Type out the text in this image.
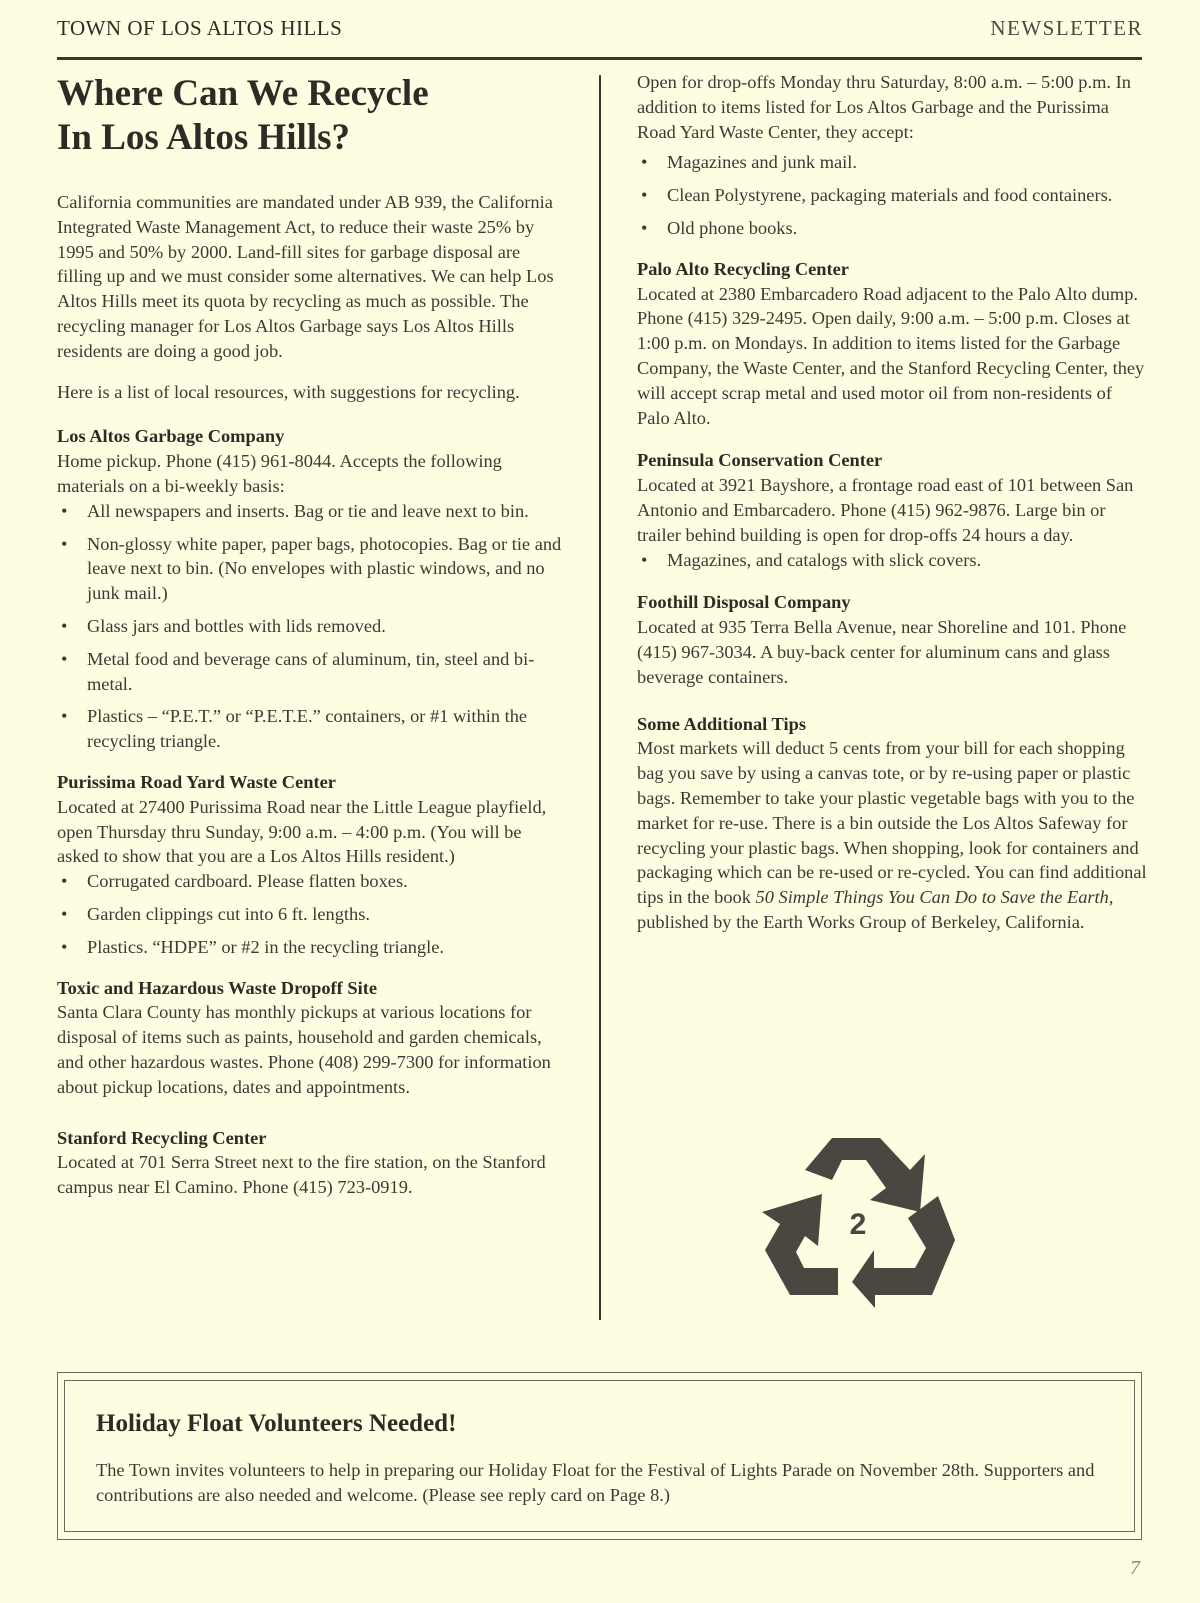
TOWN OF LOS ALTOS HILLS	NEWSLETTER
Where Can We Recycle
In Los Altos Hills?

California communities are mandated under AB 939, the California Integrated Waste Management Act, to reduce their waste 25% by 1995 and 50% by 2000. Land-fill sites for garbage disposal are filling up and we must consider some alternatives. We can help Los Altos Hills meet its quota by recycling as much as possible. The recycling manager for Los Altos Garbage says Los Altos Hills residents are doing a good job.

Here is a list of local resources, with suggestions for recycling.

Los Altos Garbage Company
Home pickup. Phone (415) 961-8044. Accepts the following materials on a bi-weekly basis:
• All newspapers and inserts. Bag or tie and leave next to bin.
• Non-glossy white paper, paper bags, photocopies. Bag or tie and leave next to bin. (No envelopes with plastic windows, and no junk mail.)
• Glass jars and bottles with lids removed.
• Metal food and beverage cans of aluminum, tin, steel and bi-metal.
• Plastics – “P.E.T.” or “P.E.T.E.” containers, or #1 within the recycling triangle.
Purissima Road Yard Waste Center
Located at 27400 Purissima Road near the Little League playfield, open Thursday thru Sunday, 9:00 a.m. – 4:00 p.m. (You will be asked to show that you are a Los Altos Hills resident.)
• Corrugated cardboard. Please flatten boxes.
• Garden clippings cut into 6 ft. lengths.
• Plastics. “HDPE” or #2 in the recycling triangle.
Toxic and Hazardous Waste Dropoff Site
Santa Clara County has monthly pickups at various locations for disposal of items such as paints, household and garden chemicals, and other hazardous wastes. Phone (408) 299-7300 for information about pickup locations, dates and appointments.
Stanford Recycling Center
Located at 701 Serra Street next to the fire station, on the Stanford campus near El Camino. Phone (415) 723-0919.
Open for drop-offs Monday thru Saturday, 8:00 a.m. – 5:00 p.m. In addition to items listed for Los Altos Garbage and the Purissima Road Yard Waste Center, they accept:
• Magazines and junk mail.
• Clean Polystyrene, packaging materials and food containers.
• Old phone books.
Palo Alto Recycling Center
Located at 2380 Embarcadero Road adjacent to the Palo Alto dump. Phone (415) 329-2495. Open daily, 9:00 a.m. – 5:00 p.m. Closes at 1:00 p.m. on Mondays. In addition to items listed for the Garbage Company, the Waste Center, and the Stanford Recycling Center, they will accept scrap metal and used motor oil from non-residents of Palo Alto.
Peninsula Conservation Center
Located at 3921 Bayshore, a frontage road east of 101 between San Antonio and Embarcadero. Phone (415) 962-9876. Large bin or trailer behind building is open for drop-offs 24 hours a day.
• Magazines, and catalogs with slick covers.
Foothill Disposal Company
Located at 935 Terra Bella Avenue, near Shoreline and 101. Phone (415) 967-3034. A buy-back center for aluminum cans and glass beverage containers.
Some Additional Tips
Most markets will deduct 5 cents from your bill for each shopping bag you save by using a canvas tote, or by re-using paper or plastic bags. Remember to take your plastic vegetable bags with you to the market for re-use. There is a bin outside the Los Altos Safeway for recycling your plastic bags. When shopping, look for containers and packaging which can be re-used or re-cycled. You can find additional tips in the book 50 Simple Things You Can Do to Save the Earth, published by the Earth Works Group of Berkeley, California.
2
Holiday Float Volunteers Needed!
The Town invites volunteers to help in preparing our Holiday Float for the Festival of Lights Parade on November 28th. Supporters and contributions are also needed and welcome. (Please see reply card on Page 8.)
7
